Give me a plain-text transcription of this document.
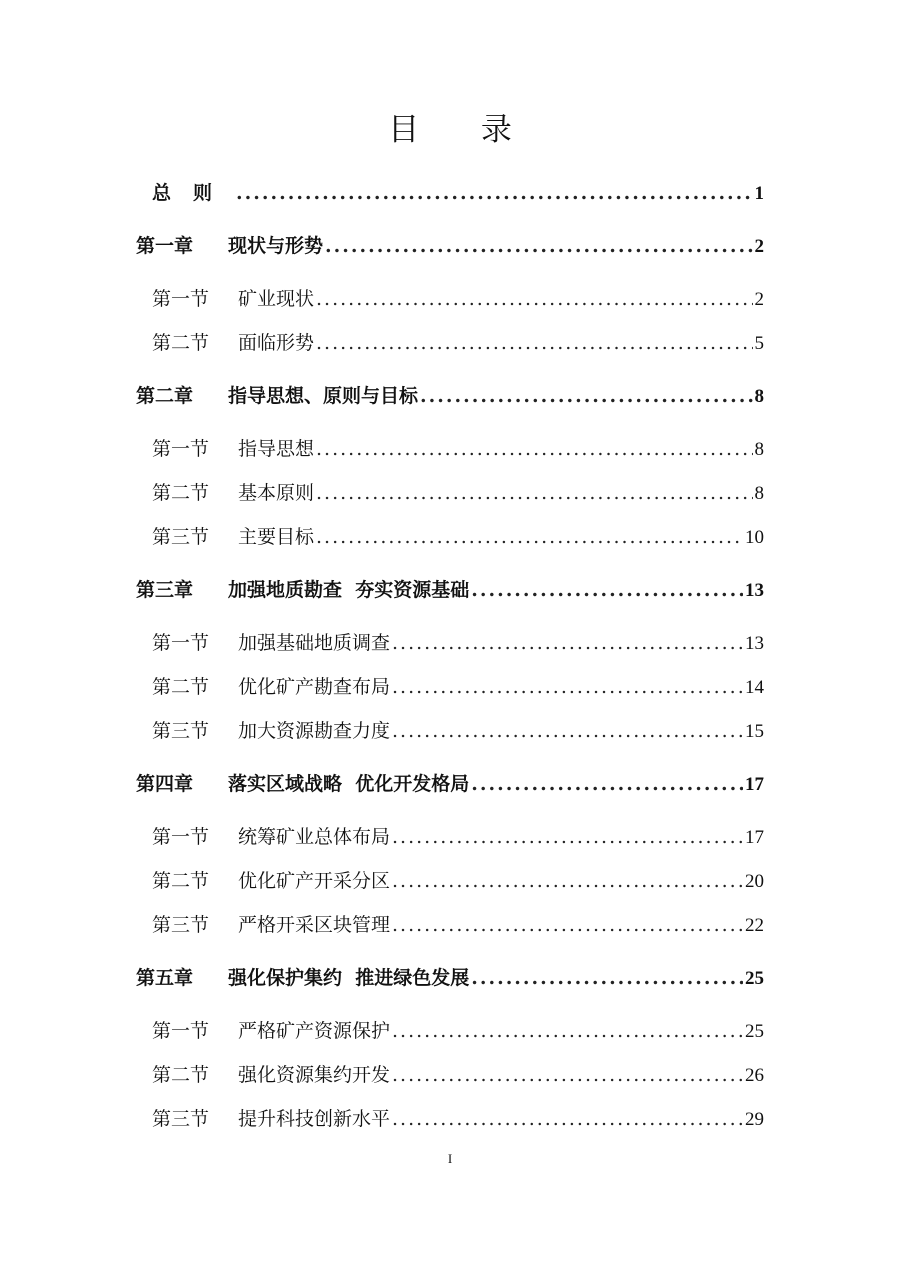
目 录
总则 .....	1
第一章 现状与形势 .....	2
第一节 矿业现状 .....	2
第二节 面临形势 .....	5
第二章 指导思想、原则与目标 .....	8
第一节 指导思想 .....	8
第二节 基本原则 .....	8
第三节 主要目标 .....	10
第三章 加强地质勘查  夯实资源基础 .....	13
第一节 加强基础地质调查 .....	13
第二节 优化矿产勘查布局 .....	14
第三节 加大资源勘查力度 .....	15
第四章 落实区域战略  优化开发格局 .....	17
第一节 统筹矿业总体布局 .....	17
第二节 优化矿产开采分区 .....	20
第三节 严格开采区块管理 .....	22
第五章 强化保护集约  推进绿色发展 .....	25
第一节 严格矿产资源保护 .....	25
第二节 强化资源集约开发 .....	26
第三节 提升科技创新水平 .....	29
I
